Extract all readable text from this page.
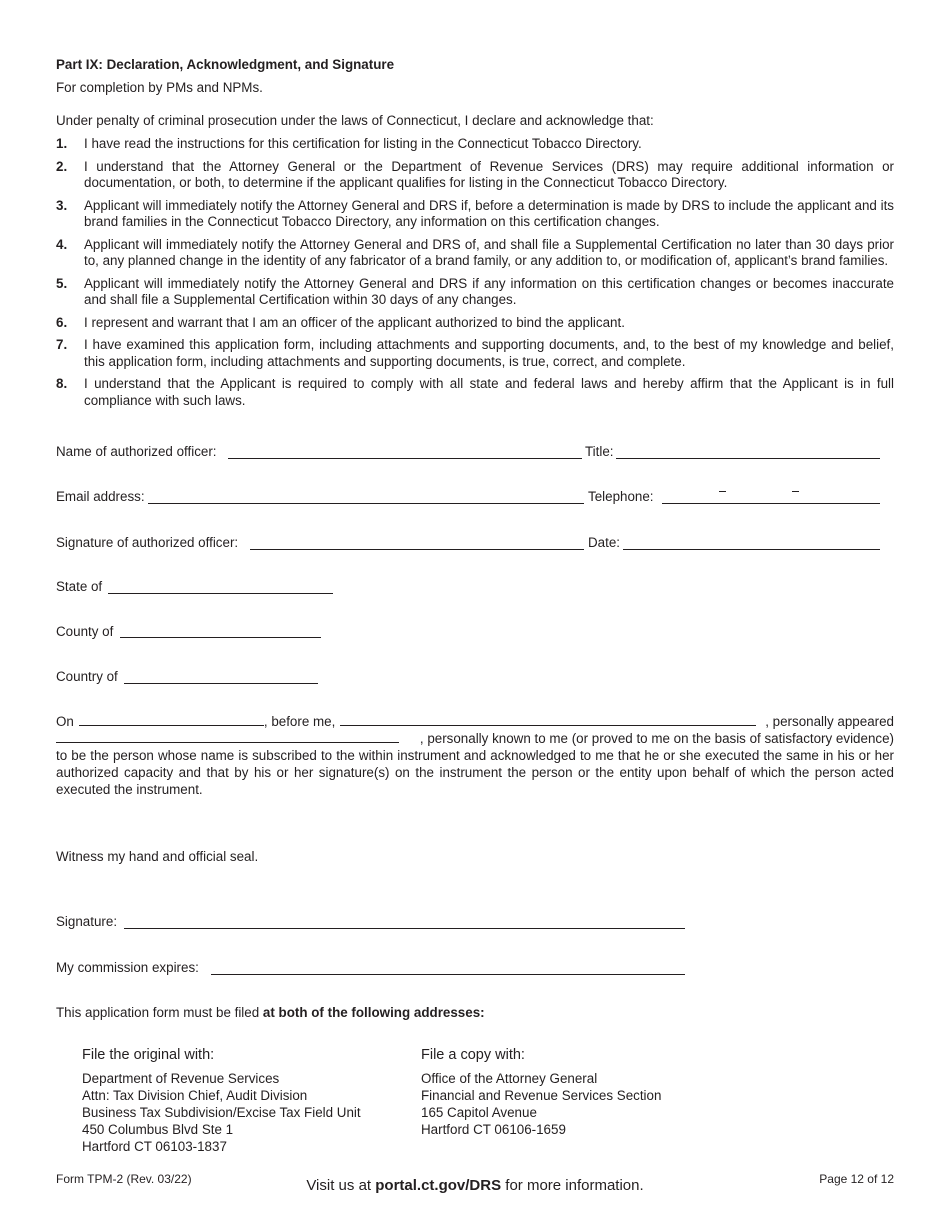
Part IX: Declaration, Acknowledgment, and Signature
For completion by PMs and NPMs.
Under penalty of criminal prosecution under the laws of Connecticut, I declare and acknowledge that:
1. I have read the instructions for this certification for listing in the Connecticut Tobacco Directory.
2. I understand that the Attorney General or the Department of Revenue Services (DRS) may require additional information or documentation, or both, to determine if the applicant qualifies for listing in the Connecticut Tobacco Directory.
3. Applicant will immediately notify the Attorney General and DRS if, before a determination is made by DRS to include the applicant and its brand families in the Connecticut Tobacco Directory, any information on this certification changes.
4. Applicant will immediately notify the Attorney General and DRS of, and shall file a Supplemental Certification no later than 30 days prior to, any planned change in the identity of any fabricator of a brand family, or any addition to, or modification of, applicant’s brand families.
5. Applicant will immediately notify the Attorney General and DRS if any information on this certification changes or becomes inaccurate and shall file a Supplemental Certification within 30 days of any changes.
6. I represent and warrant that I am an officer of the applicant authorized to bind the applicant.
7. I have examined this application form, including attachments and supporting documents, and, to the best of my knowledge and belief, this application form, including attachments and supporting documents, is true, correct, and complete.
8. I understand that the Applicant is required to comply with all state and federal laws and hereby affirm that the Applicant is in full compliance with such laws.
Name of authorized officer:	Title:
Email address:	Telephone:
Signature of authorized officer:	Date:
State of
County of
Country of
On	, before me,	, personally appeared
, personally known to me (or proved to me on the basis of satisfactory evidence)
to be the person whose name is subscribed to the within instrument and acknowledged to me that he or she executed the same in his or her authorized capacity and that by his or her signature(s) on the instrument the person or the entity upon behalf of which the person acted executed the instrument.
Witness my hand and official seal.
Signature:
My commission expires:
This application form must be filed at both of the following addresses:
File the original with:
Department of Revenue Services
Attn: Tax Division Chief, Audit Division
Business Tax Subdivision/Excise Tax Field Unit
450 Columbus Blvd Ste 1
Hartford CT 06103-1837
File a copy with:
Office of the Attorney General
Financial and Revenue Services Section
165 Capitol Avenue
Hartford CT 06106-1659
Form TPM-2 (Rev. 03/22)	Visit us at portal.ct.gov/DRS for more information.	Page 12 of 12
